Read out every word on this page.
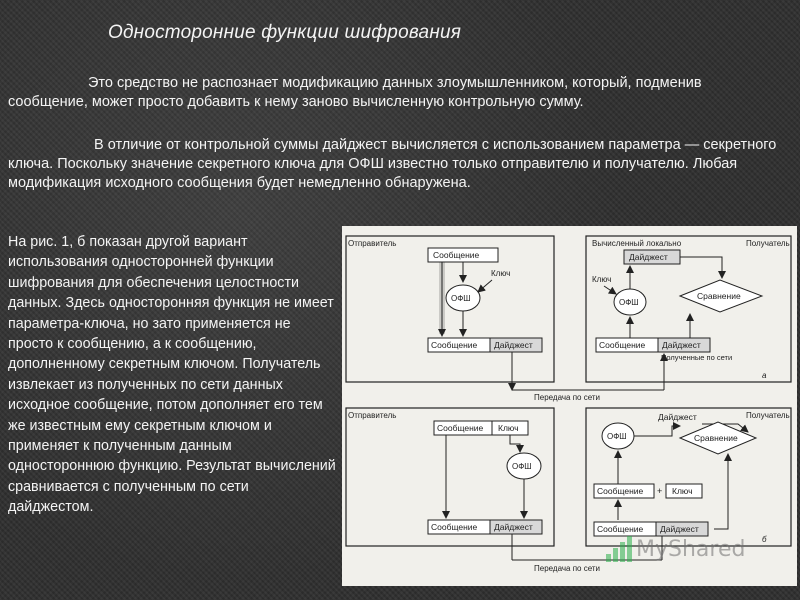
Односторонние функции шифрования

Это средство не распознает модификацию данных злоумышленником, который, подменив сообщение, может просто добавить к нему заново вычисленную контрольную сумму.

В отличие от контрольной суммы дайджест вычисляется с использованием параметра — секретного ключа. Поскольку значение секретного ключа для ОФШ известно только отправителю и получателю. Любая модификация исходного сообщения будет немедленно обнаружена.

На рис. 1, б показан другой вариант использования односторонней функции шифрования для обеспечения целостности данных. Здесь односторонняя функция не имеет параметра-ключа, но зато применяется не просто к сообщению, а к сообщению, дополненному секретным ключом. Получатель извлекает из полученных по сети данных исходное сообщение, потом дополняет его тем же известным ему секретным ключом и применяет к полученным данным одностороннюю функцию. Результат вычислений сравнивается с полученным по сети дайджестом.

Отправитель	Вычисленный локально	Получатель
Сообщение
Ключ
ОФШ
Сообщение Дайджест
Дайджест
Ключ
ОФШ
Сравнение
Сообщение Дайджест
Полученные по сети
Передача по сети
а
Отправитель	Получатель
Сообщение Ключ
ОФШ
Сообщение Дайджест
ОФШ
Дайджест
Сравнение
Сообщение + Ключ
Сообщение Дайджест
Передача по сети
б
MyShared
